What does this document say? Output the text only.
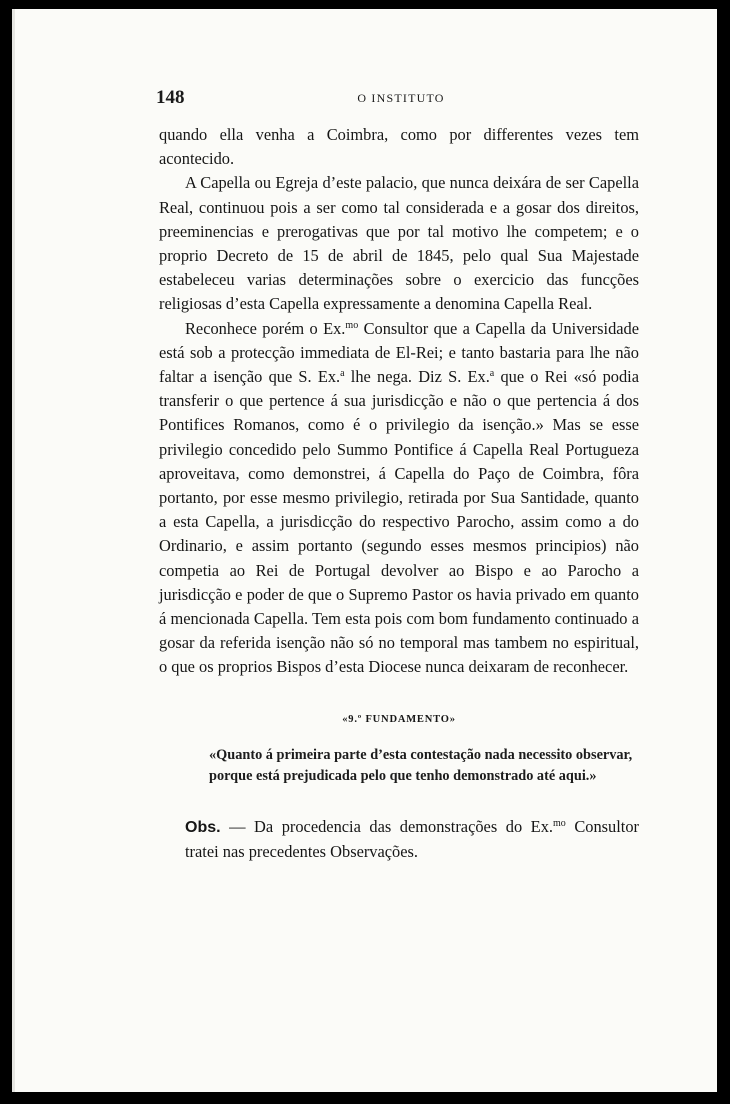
148	O INSTITUTO

quando ella venha a Coimbra, como por differentes vezes tem acontecido.

A Capella ou Egreja d’este palacio, que nunca deixára de ser Capella Real, continuou pois a ser como tal considerada e a gosar dos direitos, preeminencias e prerogativas que por tal motivo lhe competem; e o proprio Decreto de 15 de abril de 1845, pelo qual Sua Majestade estabeleceu varias determinações sobre o exercicio das funcções religiosas d’esta Capella expressamente a denomina Capella Real.

Reconhece porém o Ex.$^{mo}$ Consultor que a Capella da Universidade está sob a protecção immediata de El-Rei; e tanto bastaria para lhe não faltar a isenção que S. Ex.$^a$ lhe nega. Diz S. Ex.$^a$ que o Rei «só podia transferir o que pertence á sua jurisdicção e não o que pertencia á dos Pontifices Romanos, como é o privilegio da isenção.» Mas se esse privilegio concedido pelo Summo Pontifice á Capella Real Portugueza aproveitava, como demonstrei, á Capella do Paço de Coimbra, fôra portanto, por esse mesmo privilegio, retirada por Sua Santidade, quanto a esta Capella, a jurisdicção do respectivo Parocho, assim como a do Ordinario, e assim portanto (segundo esses mesmos principios) não competia ao Rei de Portugal devolver ao Bispo e ao Parocho a jurisdicção e poder de que o Supremo Pastor os havia privado em quanto á mencionada Capella. Tem esta pois com bom fundamento continuado a gosar da referida isenção não só no temporal mas tambem no espiritual, o que os proprios Bispos d’esta Diocese nunca deixaram de reconhecer.

«9.º FUNDAMENTO»

«Quanto á primeira parte d’esta contestação nada necessito observar,
porque está prejudicada pelo que tenho demonstrado até aqui.»

Obs. — Da procedencia das demonstrações do Ex.$^{mo}$ Consultor tratei nas precedentes Observações.
